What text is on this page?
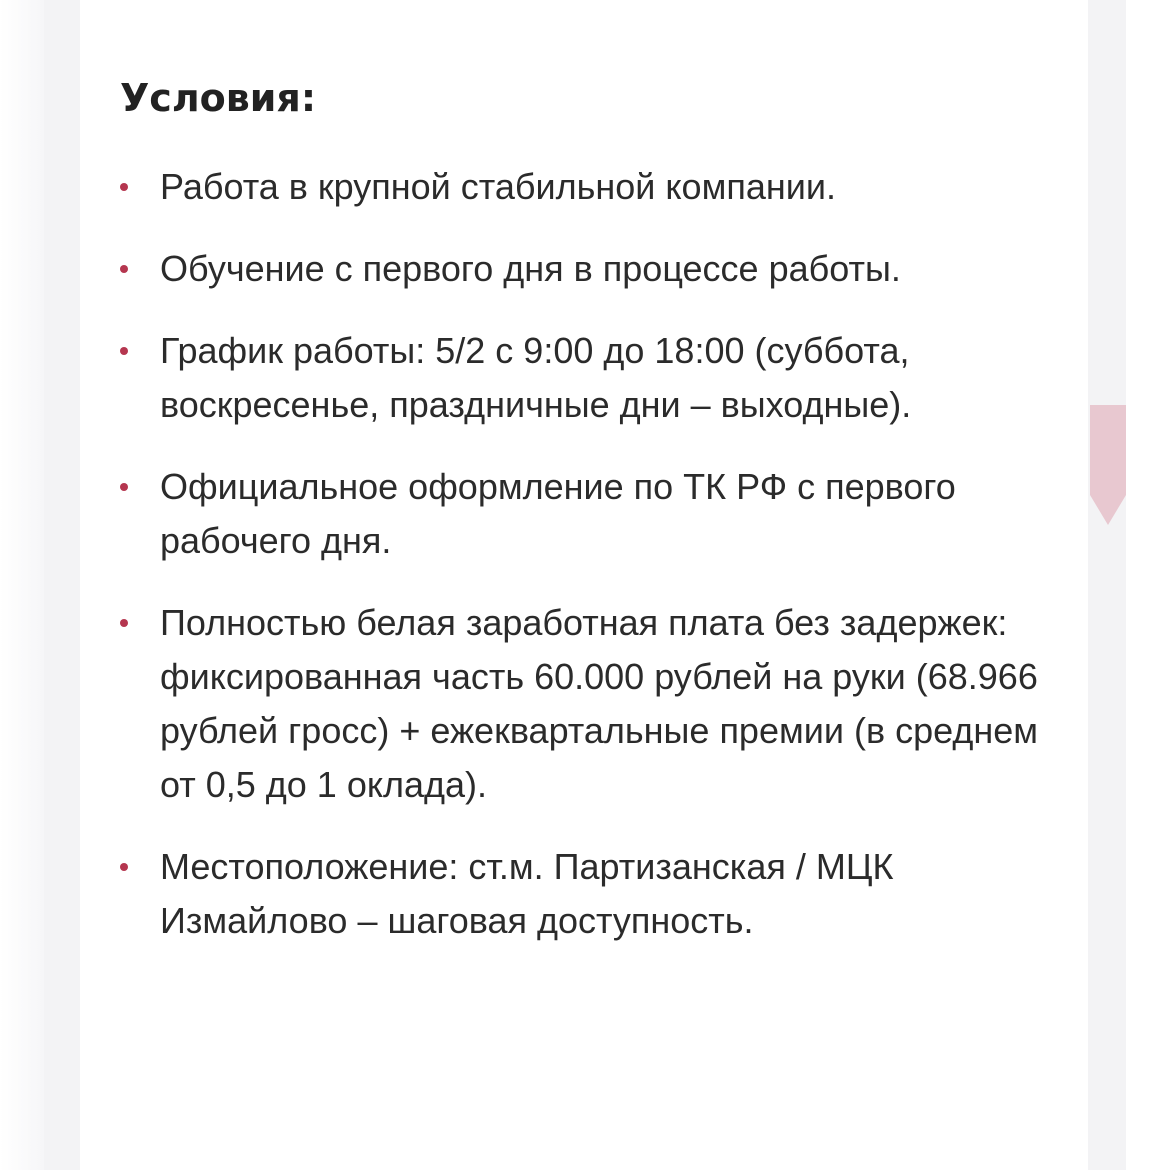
Условия:
Работа в крупной стабильной компании.
Обучение с первого дня в процессе работы.
График работы: 5/2 с 9:00 до 18:00 (суббота, воскресенье, праздничные дни – выходные).
Официальное оформление по ТК РФ с первого рабочего дня.
Полностью белая заработная плата без задержек: фиксированная часть 60.000 рублей на руки (68.966 рублей гросс) + ежеквартальные премии (в среднем от 0,5 до 1 оклада).
Местоположение: ст.м. Партизанская / МЦК Измайлово – шаговая доступность.
